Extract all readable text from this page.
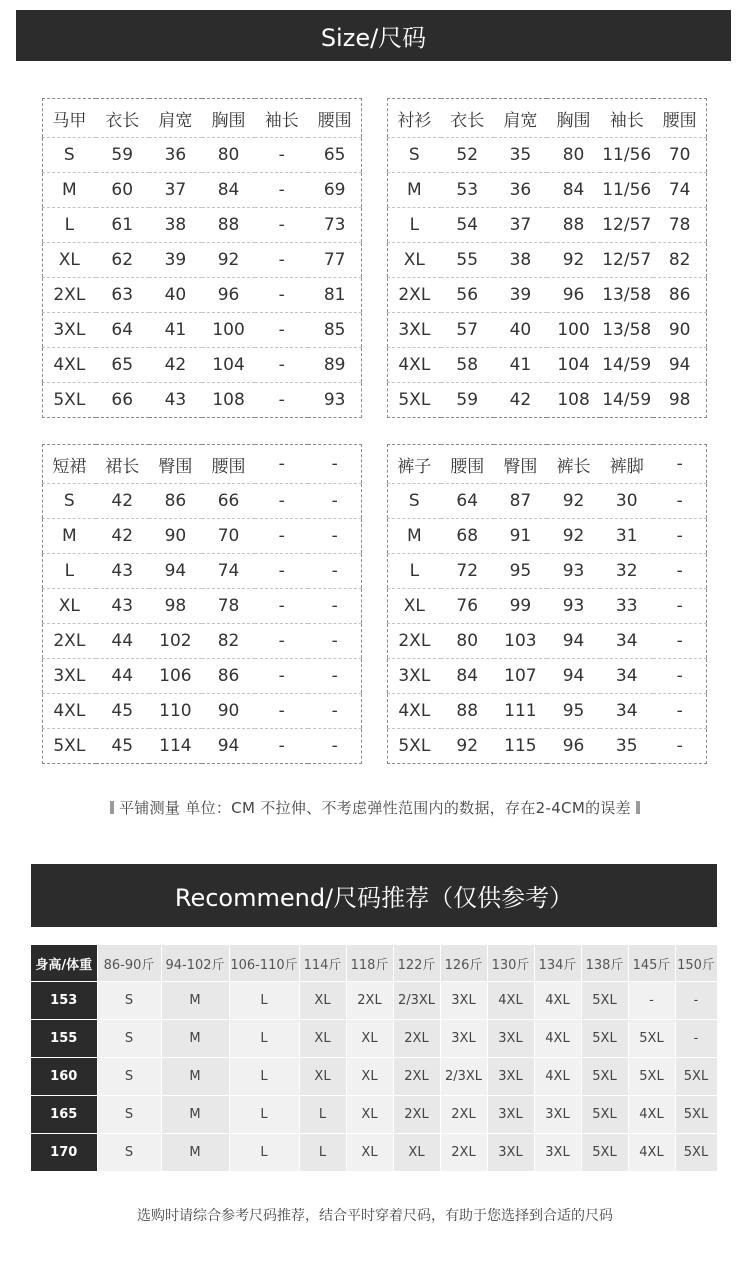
Size/尺码
马甲	衣长	肩宽	胸围	袖长	腰围
S	59	36	80	-	65
M	60	37	84	-	69
L	61	38	88	-	73
XL	62	39	92	-	77
2XL	63	40	96	-	81
3XL	64	41	100	-	85
4XL	65	42	104	-	89
5XL	66	43	108	-	93
衬衫	衣长	肩宽	胸围	袖长	腰围
S	52	35	80	11/56	70
M	53	36	84	11/56	74
L	54	37	88	12/57	78
XL	55	38	92	12/57	82
2XL	56	39	96	13/58	86
3XL	57	40	100	13/58	90
4XL	58	41	104	14/59	94
5XL	59	42	108	14/59	98
短裙	裙长	臀围	腰围	-	-
S	42	86	66	-	-
M	42	90	70	-	-
L	43	94	74	-	-
XL	43	98	78	-	-
2XL	44	102	82	-	-
3XL	44	106	86	-	-
4XL	45	110	90	-	-
5XL	45	114	94	-	-
裤子	腰围	臀围	裤长	裤脚	-
S	64	87	92	30	-
M	68	91	92	31	-
L	72	95	93	32	-
XL	76	99	93	33	-
2XL	80	103	94	34	-
3XL	84	107	94	34	-
4XL	88	111	95	34	-
5XL	92	115	96	35	-
平铺测量 单位：CM 不拉伸、不考虑弹性范围内的数据，存在2-4CM的误差
Recommend/尺码推荐（仅供参考）
身高/体重	86-90斤	94-102斤	106-110斤	114斤	118斤	122斤	126斤	130斤	134斤	138斤	145斤	150斤
153	S	M	L	XL	2XL	2/3XL	3XL	4XL	4XL	5XL	-	-
155	S	M	L	XL	XL	2XL	3XL	3XL	4XL	5XL	5XL	-
160	S	M	L	XL	XL	2XL	2/3XL	3XL	4XL	5XL	5XL	5XL
165	S	M	L	L	XL	2XL	2XL	3XL	3XL	5XL	4XL	5XL
170	S	M	L	L	XL	XL	2XL	3XL	3XL	5XL	4XL	5XL
选购时请综合参考尺码推荐，结合平时穿着尺码，有助于您选择到合适的尺码
